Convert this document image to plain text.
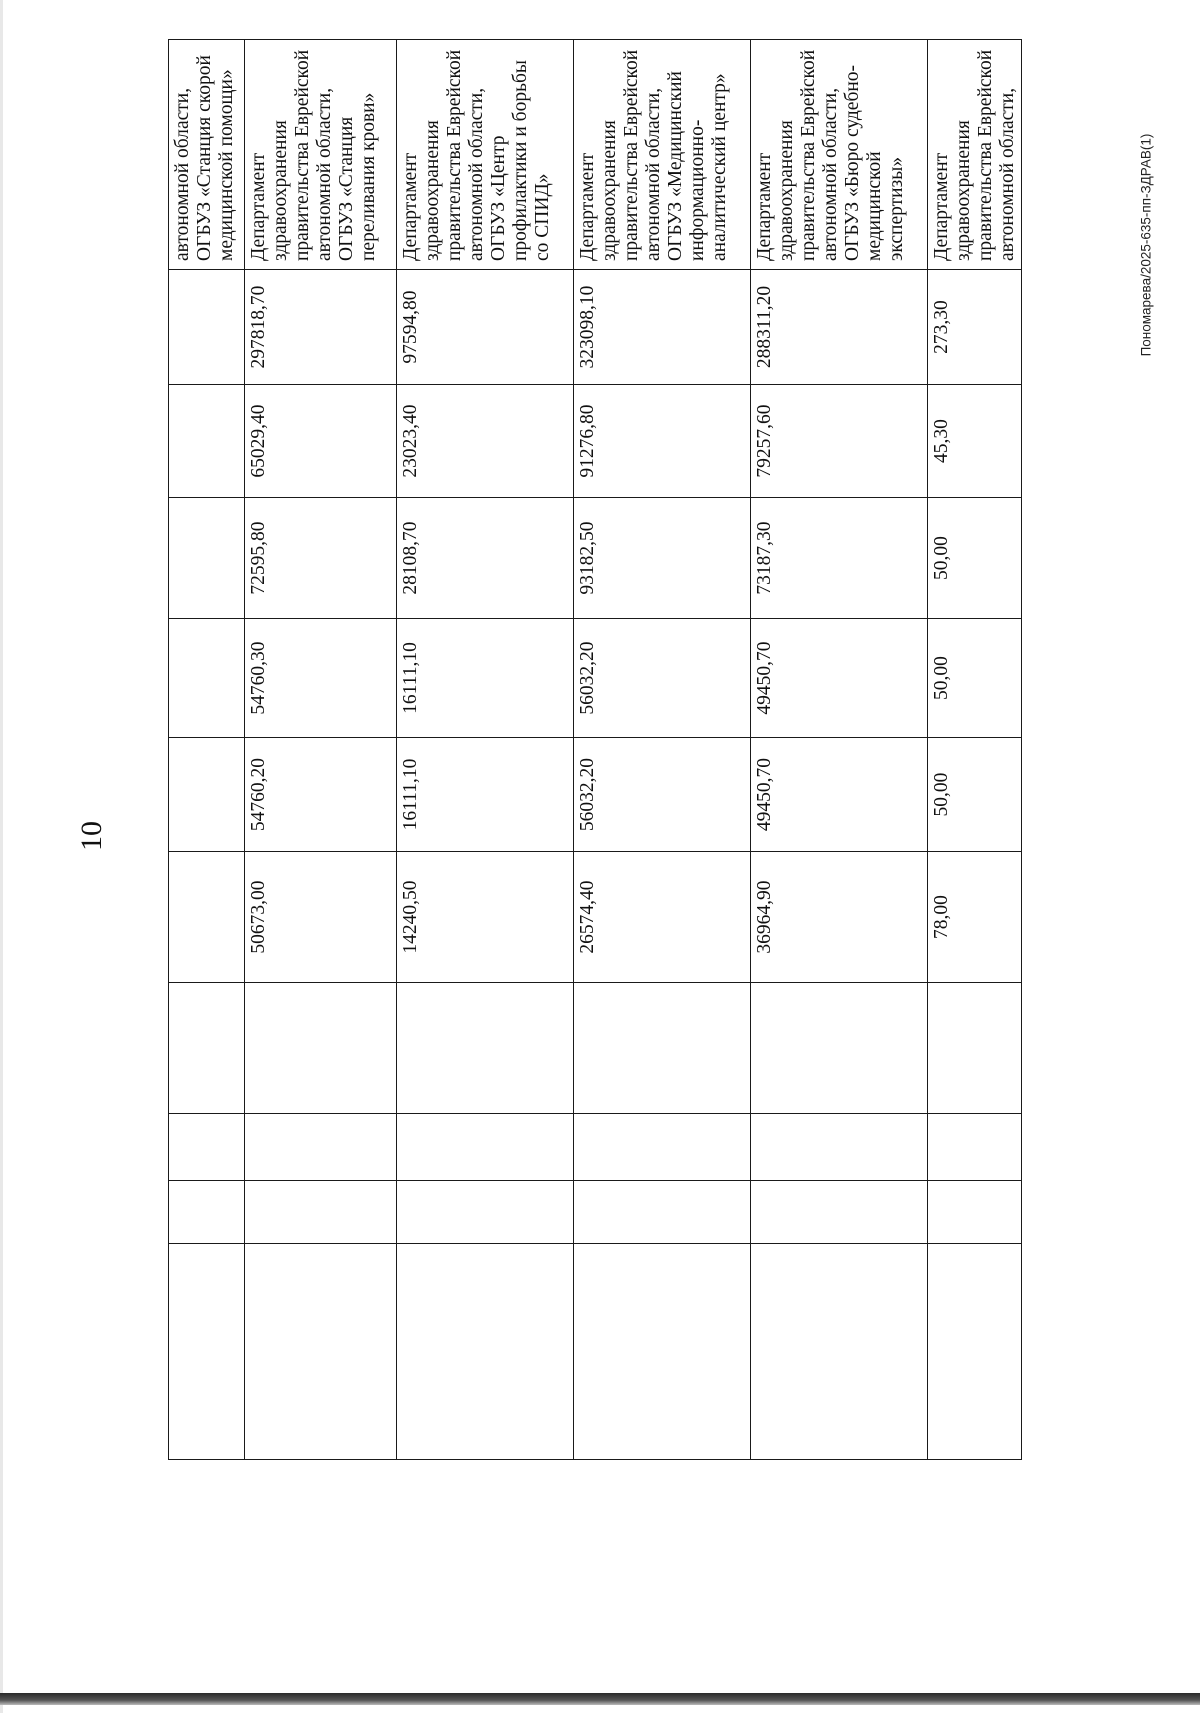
10
Пономарева/2025-635-пп-ЗДРАВ(1)
										автономной области,
ОГБУЗ «Станция скорой медицинской помощи»
				50673,00	54760,20	54760,30	72595,80	65029,40	297818,70	Департамент здравоохранения правительства Еврейской автономной области,
ОГБУЗ «Станция переливания крови»
				14240,50	16111,10	16111,10	28108,70	23023,40	97594,80	Департамент здравоохранения правительства Еврейской автономной области,
ОГБУЗ «Центр профилактики и борьбы со СПИД»
				26574,40	56032,20	56032,20	93182,50	91276,80	323098,10	Департамент здравоохранения правительства Еврейской автономной области,
ОГБУЗ «Медицинский информационно-аналитический центр»
				36964,90	49450,70	49450,70	73187,30	79257,60	288311,20	Департамент здравоохранения правительства Еврейской автономной области,
ОГБУЗ «Бюро судебно-медицинской экспертизы»
				78,00	50,00	50,00	50,00	45,30	273,30	Департамент здравоохранения правительства Еврейской автономной области,
